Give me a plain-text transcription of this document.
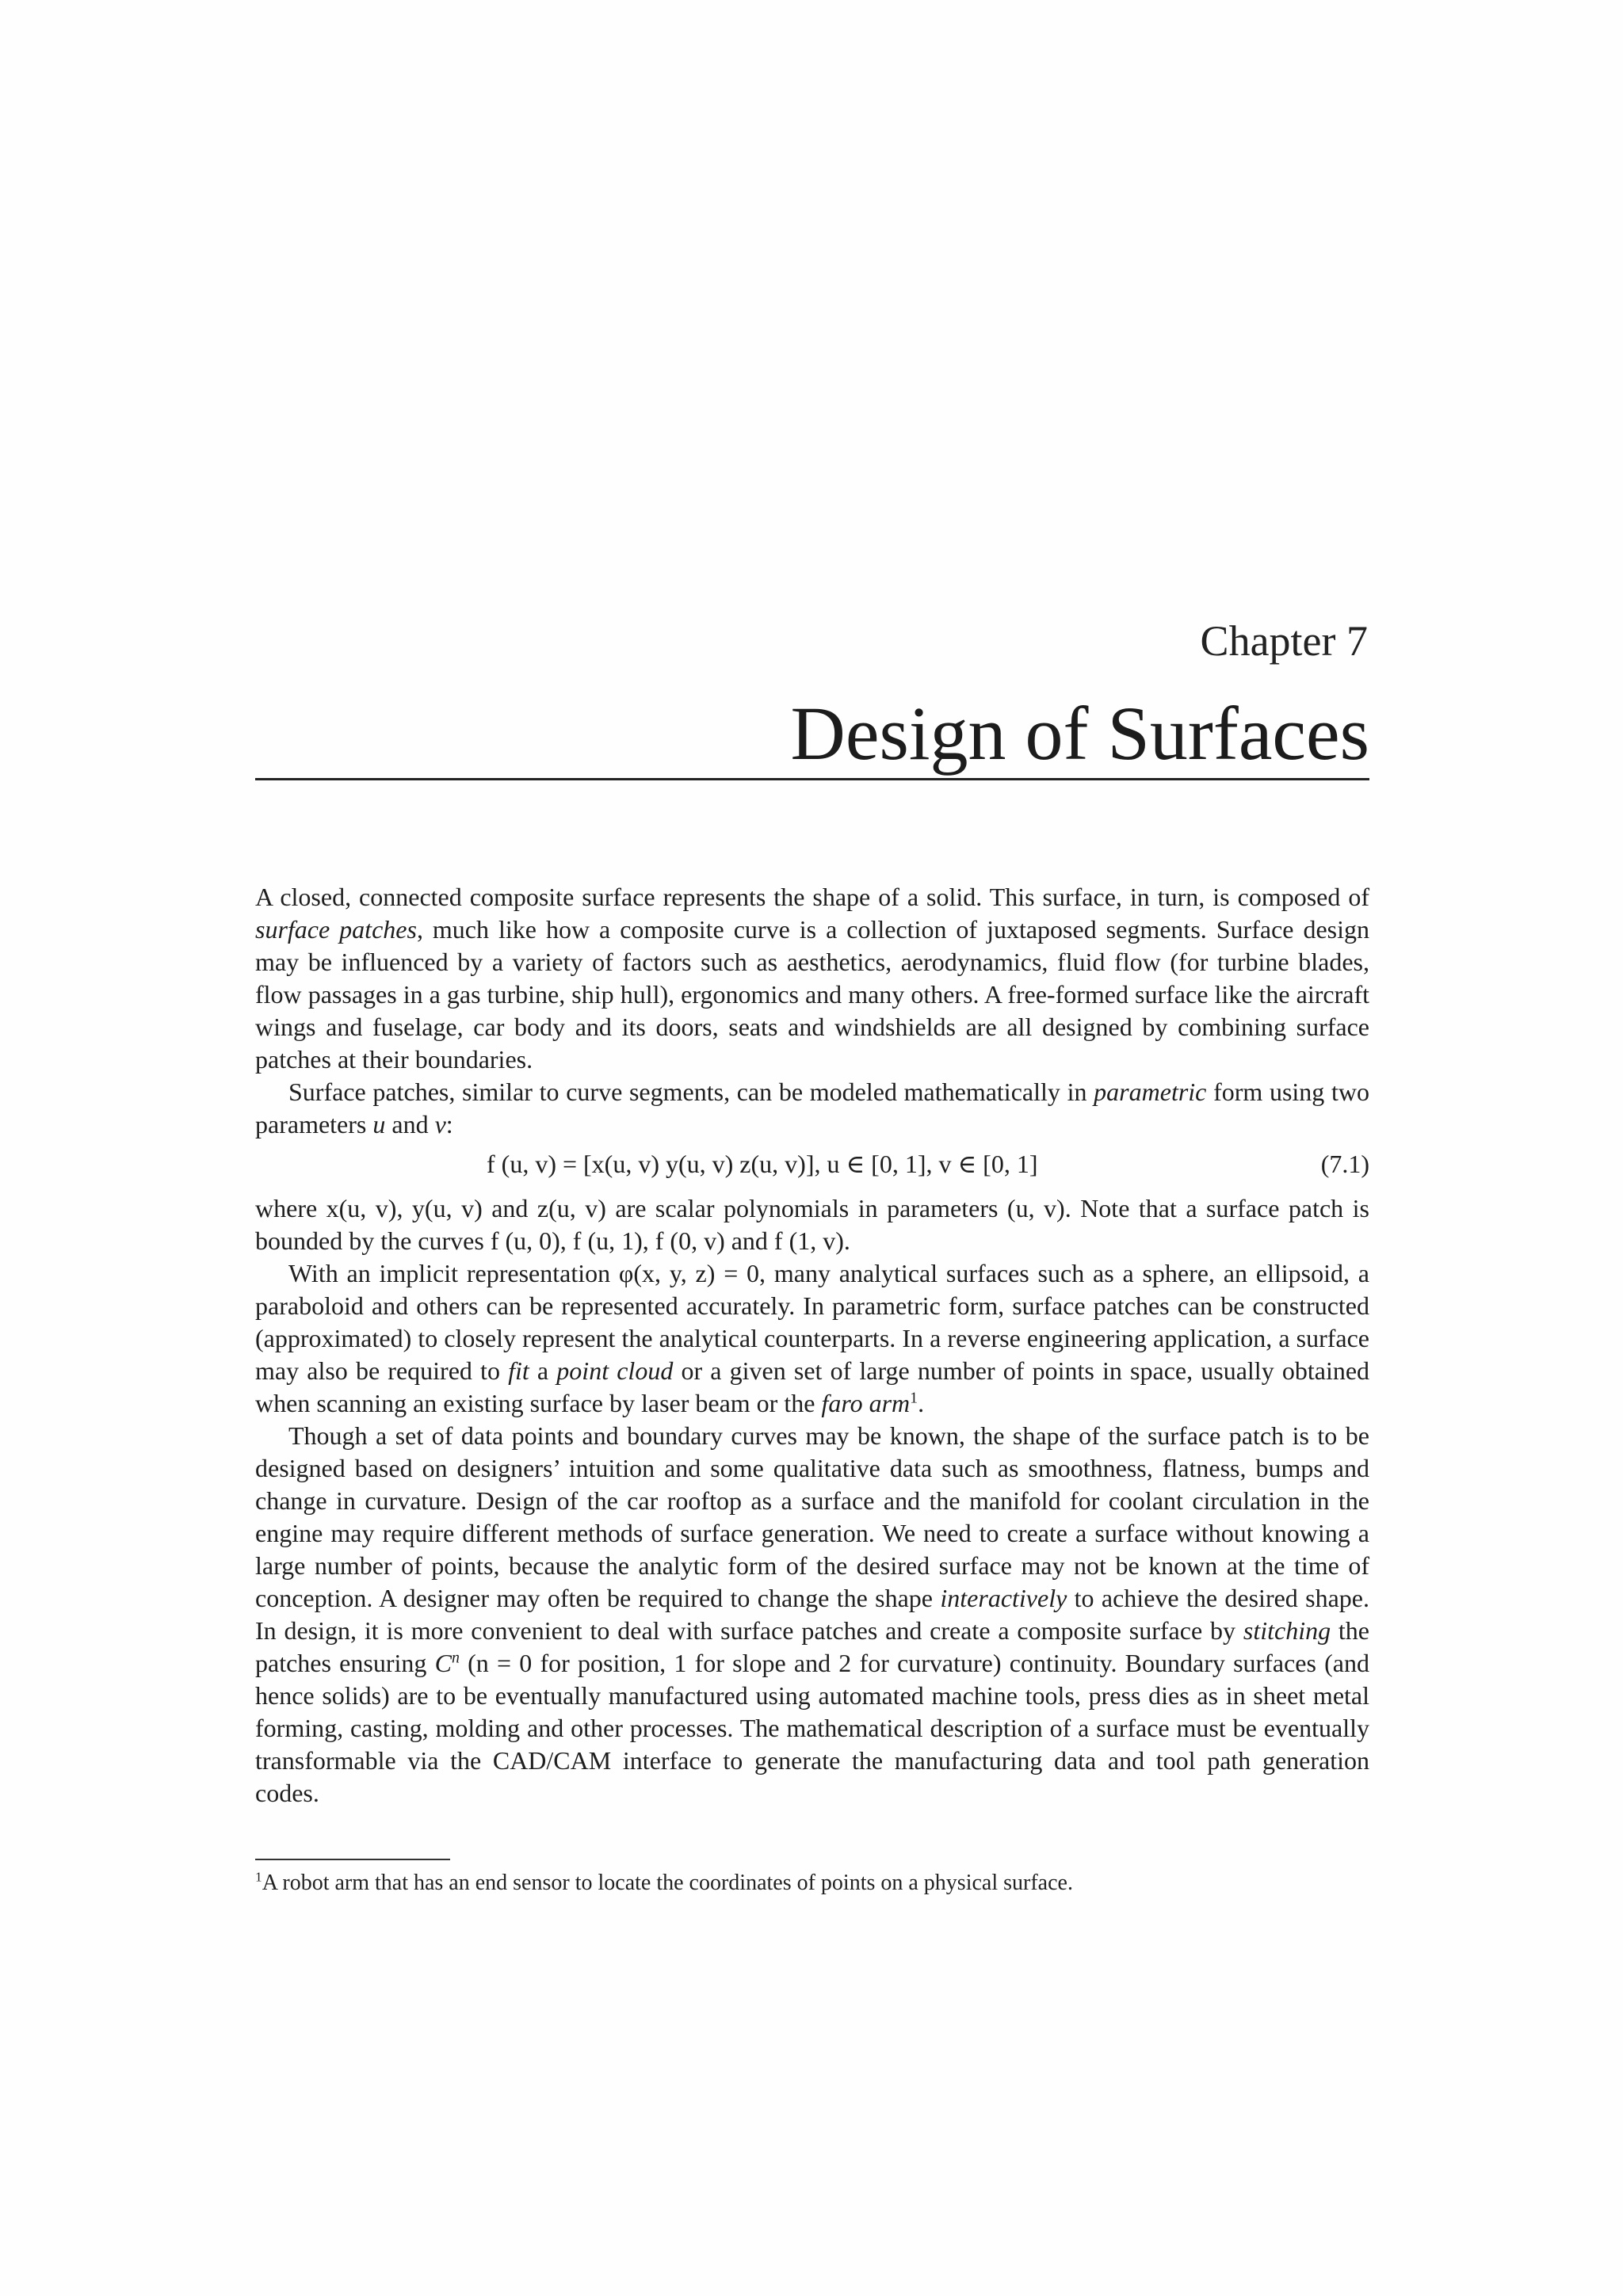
Chapter 7
Design of Surfaces

A closed, connected composite surface represents the shape of a solid. This surface, in turn, is composed of surface patches, much like how a composite curve is a collection of juxtaposed segments. Surface design may be influenced by a variety of factors such as aesthetics, aerodynamics, fluid flow (for turbine blades, flow passages in a gas turbine, ship hull), ergonomics and many others. A free-formed surface like the aircraft wings and fuselage, car body and its doors, seats and windshields are all designed by combining surface patches at their boundaries.

Surface patches, similar to curve segments, can be modeled mathematically in parametric form using two parameters u and v:

f (u, v) = [x(u, v) y(u, v) z(u, v)], u ∈ [0, 1], v ∈ [0, 1]	(7.1)

where x(u, v), y(u, v) and z(u, v) are scalar polynomials in parameters (u, v). Note that a surface patch is bounded by the curves f (u, 0), f (u, 1), f (0, v) and f (1, v).

With an implicit representation φ(x, y, z) = 0, many analytical surfaces such as a sphere, an ellipsoid, a paraboloid and others can be represented accurately. In parametric form, surface patches can be constructed (approximated) to closely represent the analytical counterparts. In a reverse engineering application, a surface may also be required to fit a point cloud or a given set of large number of points in space, usually obtained when scanning an existing surface by laser beam or the faro arm$^1$.

Though a set of data points and boundary curves may be known, the shape of the surface patch is to be designed based on designers’ intuition and some qualitative data such as smoothness, flatness, bumps and change in curvature. Design of the car rooftop as a surface and the manifold for coolant circulation in the engine may require different methods of surface generation. We need to create a surface without knowing a large number of points, because the analytic form of the desired surface may not be known at the time of conception. A designer may often be required to change the shape interactively to achieve the desired shape. In design, it is more convenient to deal with surface patches and create a composite surface by stitching the patches ensuring $C^n$ (n = 0 for position, 1 for slope and 2 for curvature) continuity. Boundary surfaces (and hence solids) are to be eventually manufactured using automated machine tools, press dies as in sheet metal forming, casting, molding and other processes. The mathematical description of a surface must be eventually transformable via the CAD/CAM interface to generate the manufacturing data and tool path generation codes.

$^1$A robot arm that has an end sensor to locate the coordinates of points on a physical surface.
